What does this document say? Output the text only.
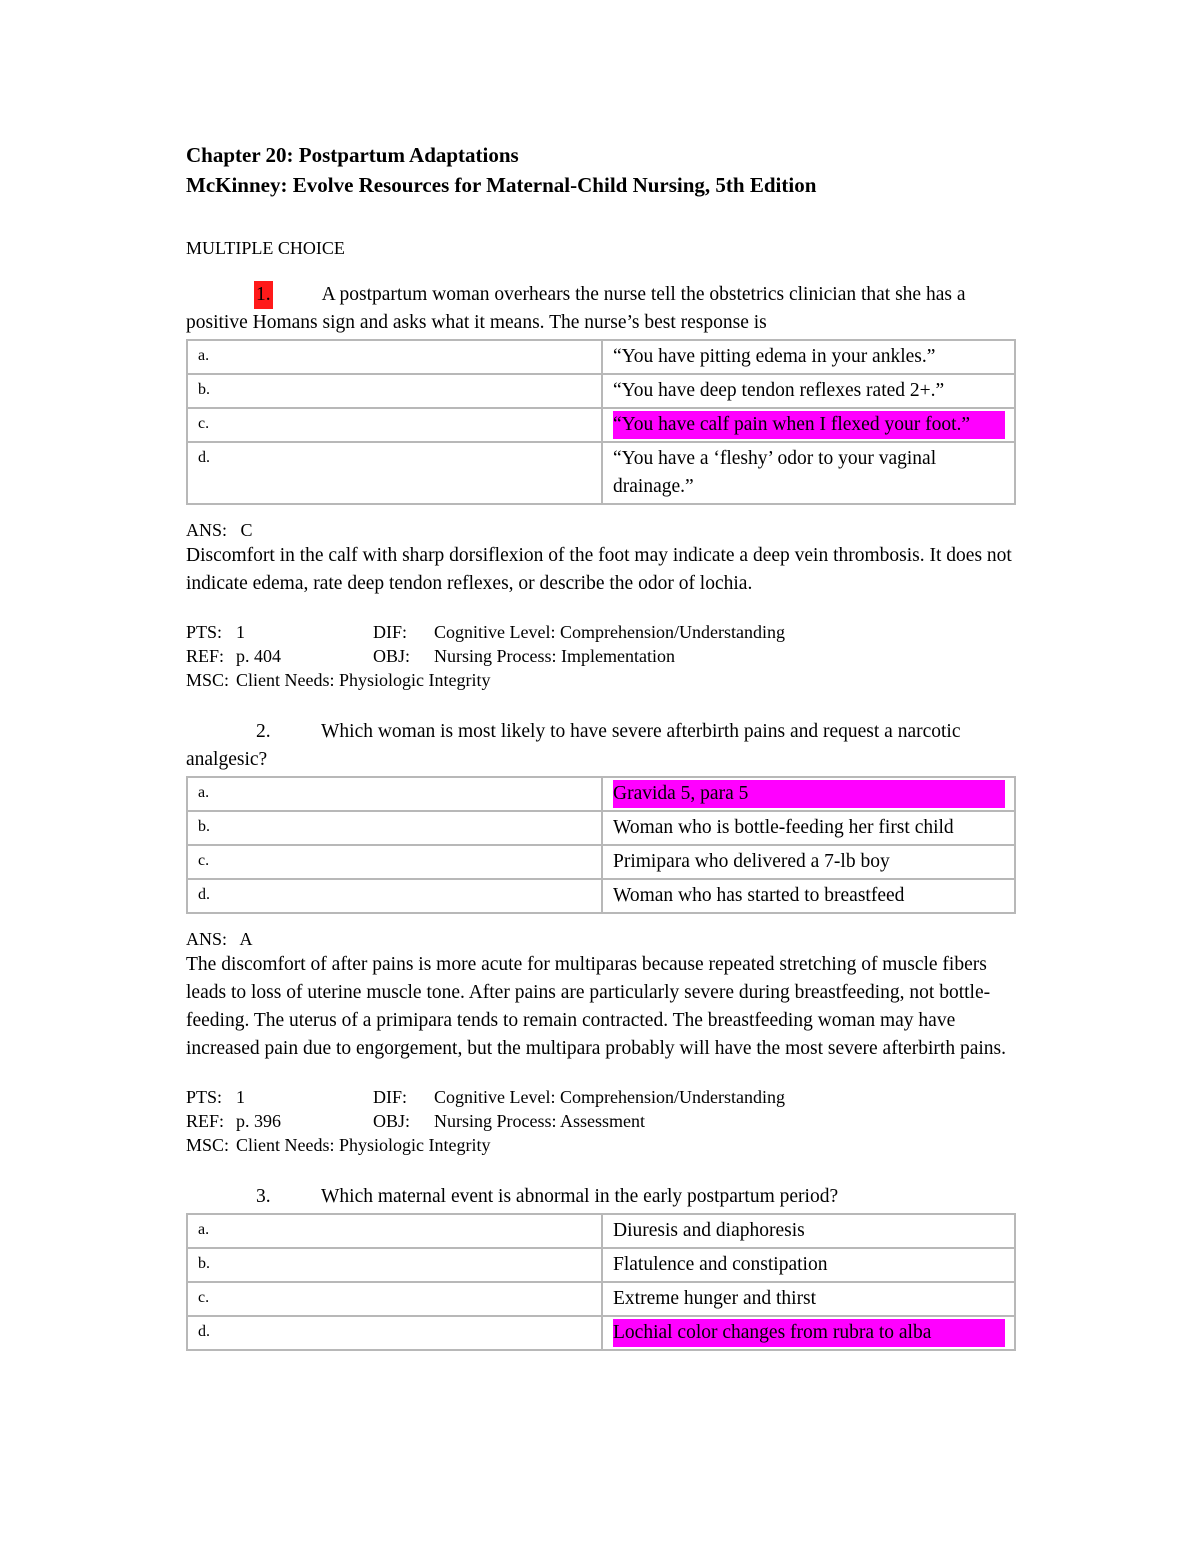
Chapter 20: Postpartum Adaptations
McKinney: Evolve Resources for Maternal-Child Nursing, 5th Edition
MULTIPLE CHOICE
1.	A postpartum woman overhears the nurse tell the obstetrics clinician that she has a positive Homans sign and asks what it means. The nurse’s best response is
a.	“You have pitting edema in your ankles.”
b.	“You have deep tendon reflexes rated 2+.”
c.	“You have calf pain when I flexed your foot.”

d.	“You have a ‘fleshy’ odor to your vaginal drainage.”
ANS: C
Discomfort in the calf with sharp dorsiflexion of the foot may indicate a deep vein thrombosis. It does not indicate edema, rate deep tendon reflexes, or describe the odor of lochia.
PTS: 1	DIF:	Cognitive Level: Comprehension/Understanding
REF: p. 404	OBJ:	Nursing Process: Implementation
MSC: Client Needs: Physiologic Integrity
2.	Which woman is most likely to have severe afterbirth pains and request a narcotic analgesic?
a.	Gravida 5, para 5

b.	Woman who is bottle-feeding her first child
c.	Primipara who delivered a 7-lb boy
d.	Woman who has started to breastfeed
ANS: A
The discomfort of after pains is more acute for multiparas because repeated stretching of muscle fibers leads to loss of uterine muscle tone. After pains are particularly severe during breastfeeding, not bottle-feeding. The uterus of a primipara tends to remain contracted. The breastfeeding woman may have increased pain due to engorgement, but the multipara probably will have the most severe afterbirth pains.
PTS: 1	DIF:	Cognitive Level: Comprehension/Understanding
REF: p. 396	OBJ:	Nursing Process: Assessment
MSC: Client Needs: Physiologic Integrity
3.	Which maternal event is abnormal in the early postpartum period?
a.	Diuresis and diaphoresis
b.	Flatulence and constipation
c.	Extreme hunger and thirst
d.	Lochial color changes from rubra to alba
